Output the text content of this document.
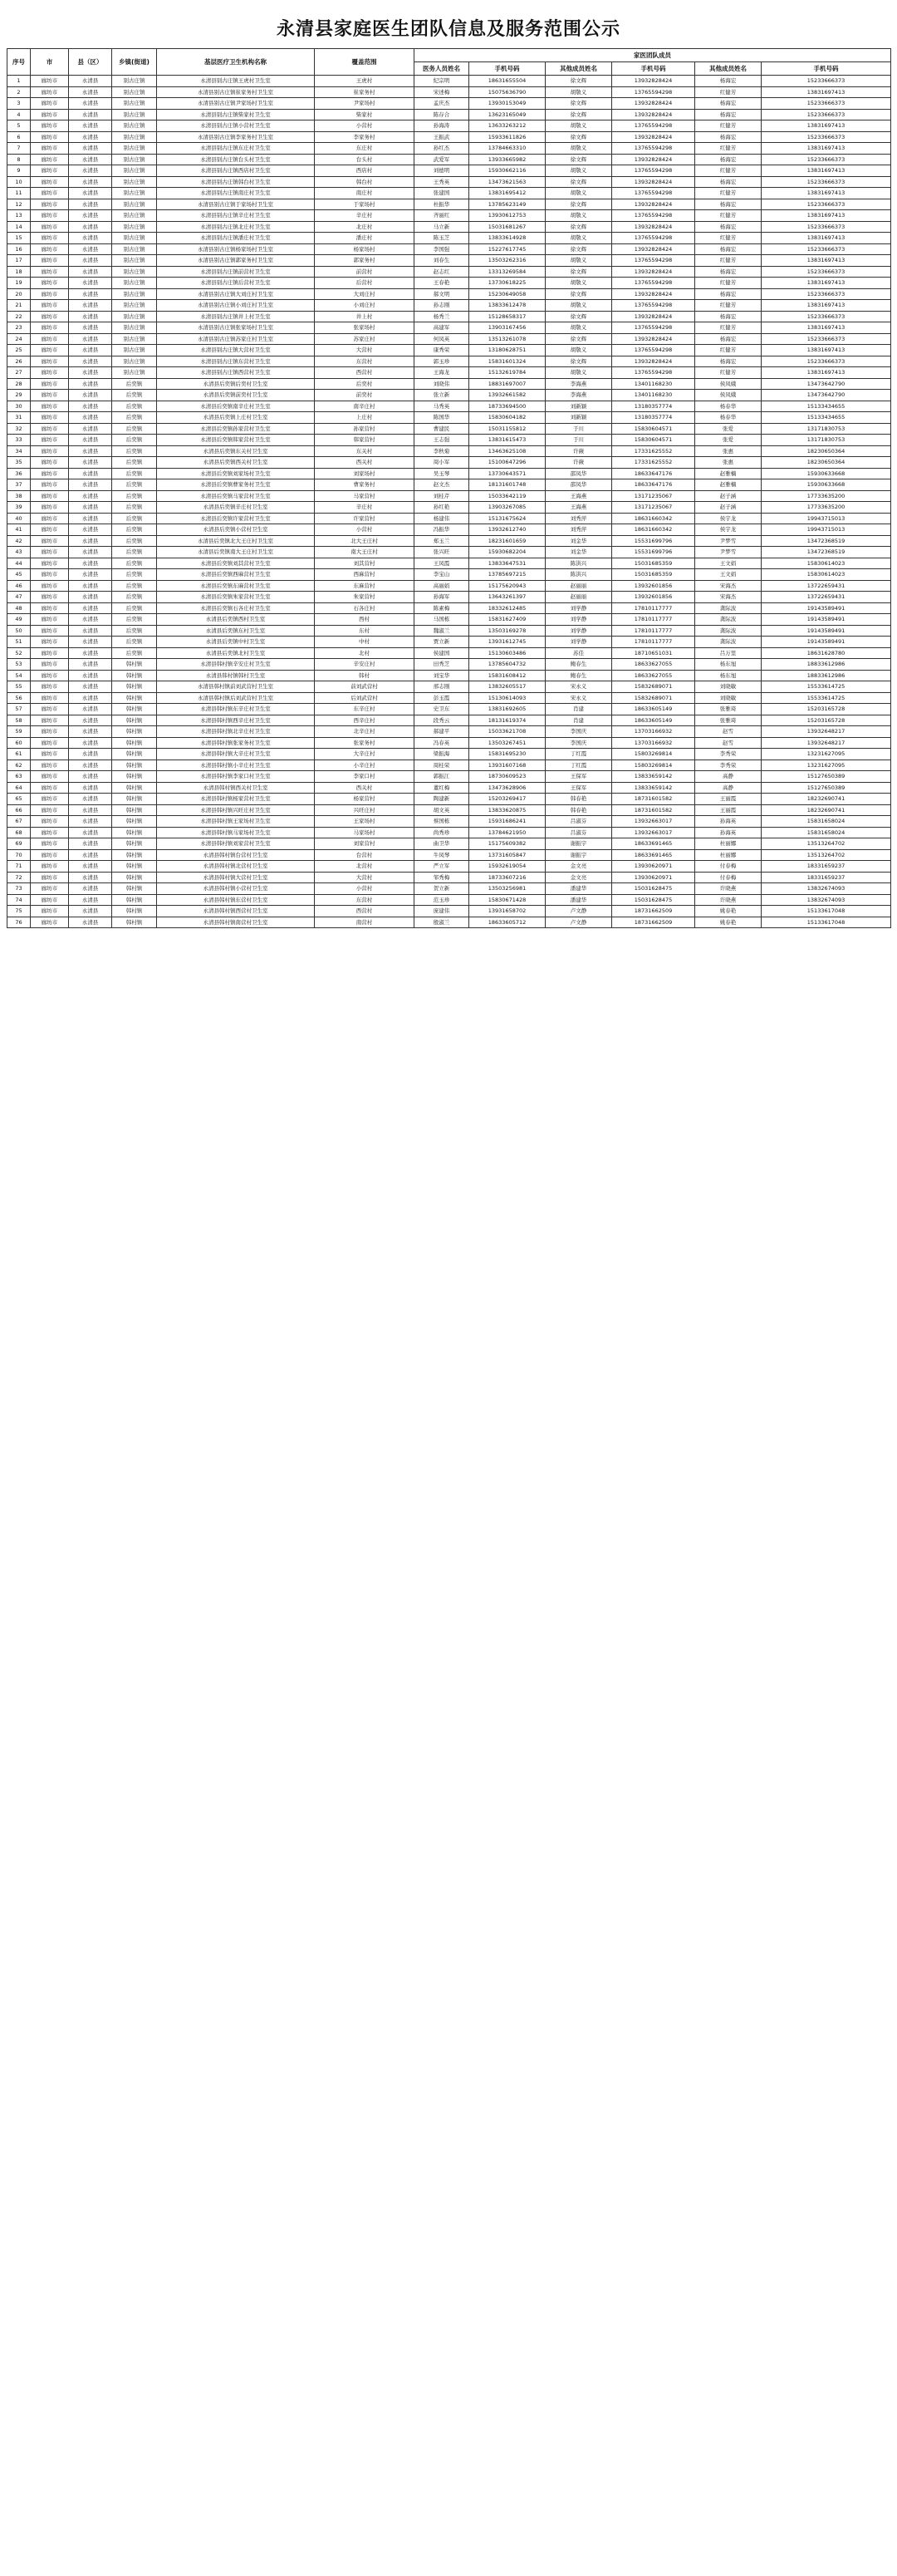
永清县家庭医生团队信息及服务范围公示
序号	市	县（区）	乡镇(街道)	基层医疗卫生机构名称	覆盖范围	家医团队成员					
						医务人员姓名	手机号码	其他成员姓名	手机号码	其他成员姓名	手机号码
1	廊坊市	永清县	别古庄镇	永清县别古庄镇王虎村卫生室	王虎村	纪宗明	18631655504	徐文辉	13932828424	杨海宏	15233666373
2	廊坊市	永清县	别古庄镇	永清县别古庄镇崔家务村卫生室	崔家务村	宋述梅	15075636790	胡敬义	13765594298	红健芳	13831697413
3	廊坊市	永清县	别古庄镇	永清县别古庄镇尹家场村卫生室	尹家场村	孟庆杰	13930153049	徐文辉	13932828424	杨海宏	15233666373
4	廊坊市	永清县	别古庄镇	永清县别古庄镇柴家村卫生室	柴家村	陈存合	13623165049	徐文辉	13932828424	杨海宏	15233666373
5	廊坊市	永清县	别古庄镇	永清县别古庄镇小营村卫生室	小营村	孙海涛	13633263212	胡敬义	13765594298	红健芳	13831697413
6	廊坊市	永清县	别古庄镇	永清县别古庄镇李家务村卫生室	李家务村	王振武	15933611826	徐文辉	13932828424	杨海宏	15233666373
7	廊坊市	永清县	别古庄镇	永清县别古庄镇东庄村卫生室	东庄村	孙红杰	13784663310	胡敬义	13765594298	红健芳	13831697413
8	廊坊市	永清县	别古庄镇	永清县别古庄镇台头村卫生室	台头村	武爱军	13933665982	徐文辉	13932828424	杨海宏	15233666373
9	廊坊市	永清县	别古庄镇	永清县别古庄镇西店村卫生室	西店村	刘德明	15930662116	胡敬义	13765594298	红健芳	13831697413
10	廊坊市	永清县	别古庄镇	永清县别古庄镇韩台村卫生室	韩台村	王秀英	13473621563	徐文辉	13932828424	杨海宏	15233666373
11	廊坊市	永清县	别古庄镇	永清县别古庄镇南庄村卫生室	南庄村	张建国	13831695412	胡敬义	13765594298	红健芳	13831697413
12	廊坊市	永清县	别古庄镇	永清县别古庄镇于家场村卫生室	于家场村	杜振华	13785623149	徐文辉	13932828424	杨海宏	15233666373
13	廊坊市	永清县	别古庄镇	永清县别古庄镇辛庄村卫生室	辛庄村	齐丽红	13930612753	胡敬义	13765594298	红健芳	13831697413
14	廊坊市	永清县	别古庄镇	永清县别古庄镇北庄村卫生室	北庄村	马立新	15031681267	徐文辉	13932828424	杨海宏	15233666373
15	廊坊市	永清县	别古庄镇	永清县别古庄镇潘庄村卫生室	潘庄村	陈玉芝	13833614928	胡敬义	13765594298	红健芳	13831697413
16	廊坊市	永清县	别古庄镇	永清县别古庄镇杨家场村卫生室	杨家场村	李国强	15227617745	徐文辉	13932828424	杨海宏	15233666373
17	廊坊市	永清县	别古庄镇	永清县别古庄镇郭家务村卫生室	郭家务村	刘春生	13503262316	胡敬义	13765594298	红健芳	13831697413
18	廊坊市	永清县	别古庄镇	永清县别古庄镇前营村卫生室	前营村	赵志红	13313269584	徐文辉	13932828424	杨海宏	15233666373
19	廊坊市	永清县	别古庄镇	永清县别古庄镇后营村卫生室	后营村	王春艳	13730618225	胡敬义	13765594298	红健芳	13831697413
20	廊坊市	永清县	别古庄镇	永清县别古庄镇大刘庄村卫生室	大刘庄村	郝文明	15230649058	徐文辉	13932828424	杨海宏	15233666373
21	廊坊市	永清县	别古庄镇	永清县别古庄镇小刘庄村卫生室	小刘庄村	孙志刚	13833612478	胡敬义	13765594298	红健芳	13831697413
22	廊坊市	永清县	别古庄镇	永清县别古庄镇井上村卫生室	井上村	杨秀兰	15128658317	徐文辉	13932828424	杨海宏	15233666373
23	廊坊市	永清县	别古庄镇	永清县别古庄镇张家场村卫生室	张家场村	高建军	13903167456	胡敬义	13765594298	红健芳	13831697413
24	廊坊市	永清县	别古庄镇	永清县别古庄镇苏家庄村卫生室	苏家庄村	何凤英	13513261078	徐文辉	13932828424	杨海宏	15233666373
25	廊坊市	永清县	别古庄镇	永清县别古庄镇大营村卫生室	大营村	康秀荣	13180628751	胡敬义	13765594298	红健芳	13831697413
26	廊坊市	永清县	别古庄镇	永清县别古庄镇东营村卫生室	东营村	郭玉珍	15831601324	徐文辉	13932828424	杨海宏	15233666373
27	廊坊市	永清县	别古庄镇	永清县别古庄镇西营村卫生室	西营村	王海龙	15132619784	胡敬义	13765594298	红健芳	13831697413
28	廊坊市	永清县	后奕镇	永清县后奕镇后奕村卫生室	后奕村	刘晓伟	18831697007	李海燕	13401168230	侯凤娥	13473642790
29	廊坊市	永清县	后奕镇	永清县后奕镇前奕村卫生室	前奕村	张立新	13932661582	李海燕	13401168230	侯凤娥	13473642790
30	廊坊市	永清县	后奕镇	永清县后奕镇南辛庄村卫生室	南辛庄村	马秀英	18733694500	刘新颖	13180357774	杨春华	15133434655
31	廊坊市	永清县	后奕镇	永清县后奕镇上庄村卫生室	上庄村	陈国华	15830604182	刘新颖	13180357774	杨春华	15133434655
32	廊坊市	永清县	后奕镇	永清县后奕镇孙家营村卫生室	孙家营村	曹建民	15031155812	于川	15830604571	张爱	13171830753
33	廊坊市	永清县	后奕镇	永清县后奕镇韩家营村卫生室	韩家营村	王志强	13831615473	于川	15830604571	张爱	13171830753
34	廊坊市	永清县	后奕镇	永清县后奕镇东关村卫生室	东关村	李秋菊	13463625108	许薇	17331625552	张惠	18230650364
35	廊坊市	永清县	后奕镇	永清县后奕镇西关村卫生室	西关村	周小军	15100647296	许薇	17331625552	张惠	18230650364
36	廊坊市	永清县	后奕镇	永清县后奕镇刘家场村卫生室	刘家场村	吴玉琴	13730643571	邵凤华	18633647176	赵雅楠	15930633668
37	廊坊市	永清县	后奕镇	永清县后奕镇曹家务村卫生室	曹家务村	赵文杰	18131601748	邵凤华	18633647176	赵雅楠	15930633668
38	廊坊市	永清县	后奕镇	永清县后奕镇马家营村卫生室	马家营村	刘桂芹	15033642119	王海燕	13171235067	赵子涵	17733635200
39	廊坊市	永清县	后奕镇	永清县后奕镇辛庄村卫生室	辛庄村	孙红艳	13903267085	王海燕	13171235067	赵子涵	17733635200
40	廊坊市	永清县	后奕镇	永清县后奕镇许家营村卫生室	许家营村	杨建伟	15131675624	刘秀萍	18631660342	侯宇龙	19943715013
41	廊坊市	永清县	后奕镇	永清县后奕镇小营村卫生室	小营村	冯振华	13932612740	刘秀萍	18631660342	侯宇龙	19943715013
42	廊坊市	永清县	后奕镇	永清县后奕镇北大王庄村卫生室	北大王庄村	郑玉兰	18231601659	刘金华	15531699796	尹梦雪	13472368519
43	廊坊市	永清县	后奕镇	永清县后奕镇南大王庄村卫生室	南大王庄村	张兴旺	15930682204	刘金华	15531699796	尹梦雪	13472368519
44	廊坊市	永清县	后奕镇	永清县后奕镇刘其营村卫生室	刘其营村	王凤霞	13833647531	陈洪兴	15031685359	王文娟	15830614023
45	廊坊市	永清县	后奕镇	永清县后奕镇西麻营村卫生室	西麻营村	李宝山	13785697215	陈洪兴	15031685359	王文娟	15830614023
46	廊坊市	永清县	后奕镇	永清县后奕镇东麻营村卫生室	东麻营村	高丽娟	15175620943	赵丽丽	13932601856	宋海杰	13722659431
47	廊坊市	永清县	后奕镇	永清县后奕镇朱家营村卫生室	朱家营村	孙海军	13643261397	赵丽丽	13932601856	宋海杰	13722659431
48	廊坊市	永清县	后奕镇	永清县后奕镇石各庄村卫生室	石各庄村	陈素梅	18332612485	刘学静	17810117777	龚际波	19143589491
49	廊坊市	永清县	后奕镇	永清县后奕镇西村卫生室	西村	马国栋	15831627409	刘学静	17810117777	龚际波	19143589491
50	廊坊市	永清县	后奕镇	永清县后奕镇东村卫生室	东村	魏淑兰	13503169278	刘学静	17810117777	龚际波	19143589491
51	廊坊市	永清县	后奕镇	永清县后奕镇中村卫生室	中村	贾立新	13931612745	刘学静	17810117777	龚际波	19143589491
52	廊坊市	永清县	后奕镇	永清县后奕镇北村卫生室	北村	侯建国	15130603486	苏佳	18710651031	吕万里	18631628780
53	廊坊市	永清县	韩村镇	永清县韩村镇辛安庄村卫生室	辛安庄村	田秀芝	13785604732	鲍春生	18633627055	杨东旭	18833612986
54	廊坊市	永清县	韩村镇	永清县韩村镇韩村卫生室	韩村	刘宝华	15831608412	鲍春生	18633627055	杨东旭	18833612986
55	廊坊市	永清县	韩村镇	永清县韩村镇前刘武营村卫生室	前刘武营村	邢志刚	13832605517	宋永义	15832689071	刘晓敏	15533614725
56	廊坊市	永清县	韩村镇	永清县韩村镇后刘武营村卫生室	后刘武营村	彭玉霞	15130614093	宋永义	15832689071	刘晓敏	15533614725
57	廊坊市	永清县	韩村镇	永清县韩村镇东辛庄村卫生室	东辛庄村	史卫东	13831692605	肖建	18633605149	张雅琦	15203165728
58	廊坊市	永清县	韩村镇	永清县韩村镇西辛庄村卫生室	西辛庄村	段秀云	18131619374	肖建	18633605149	张雅琦	15203165728
59	廊坊市	永清县	韩村镇	永清县韩村镇北辛庄村卫生室	北辛庄村	郝建平	15033621708	李国庆	13703166932	赵雪	13932648217
60	廊坊市	永清县	韩村镇	永清县韩村镇张家务村卫生室	张家务村	冯春英	13503267451	李国庆	13703166932	赵雪	13932648217
61	廊坊市	永清县	韩村镇	永清县韩村镇大辛庄村卫生室	大辛庄村	梁振海	15831695230	丁红霞	15803269814	李秀荣	13231627095
62	廊坊市	永清县	韩村镇	永清县韩村镇小辛庄村卫生室	小辛庄村	周桂荣	13931607168	丁红霞	15803269814	李秀荣	13231627095
63	廊坊市	永清县	韩村镇	永清县韩村镇李家口村卫生室	李家口村	郭振江	18730609523	王保军	13833659142	高静	15127650389
64	廊坊市	永清县	韩村镇	永清县韩村镇西关村卫生室	西关村	董红梅	13473628906	王保军	13833659142	高静	15127650389
65	廊坊市	永清县	韩村镇	永清县韩村镇杨家营村卫生室	杨家营村	陶建新	15203269417	韩春艳	18731601582	王丽霞	18232690741
66	廊坊市	永清县	韩村镇	永清县韩村镇兴旺庄村卫生室	兴旺庄村	胡文英	13833620875	韩春艳	18731601582	王丽霞	18232690741
67	廊坊市	永清县	韩村镇	永清县韩村镇王家场村卫生室	王家场村	蔡国栋	15931686241	吕淑芬	13932663017	孙海英	15831658024
68	廊坊市	永清县	韩村镇	永清县韩村镇马家场村卫生室	马家场村	尚秀珍	13784621950	吕淑芬	13932663017	孙海英	15831658024
69	廊坊市	永清县	韩村镇	永清县韩村镇刘家营村卫生室	刘家营村	曲卫华	15175609382	谢振宇	18633691465	杜丽娜	13513264702
70	廊坊市	永清县	韩村镇	永清县韩村镇台营村卫生室	台营村	牛凤琴	13731605847	谢振宇	18633691465	杜丽娜	13513264702
71	廊坊市	永清县	韩村镇	永清县韩村镇北营村卫生室	北营村	严立军	15932619054	金文亮	13930620971	付春梅	18331659237
72	廊坊市	永清县	韩村镇	永清县韩村镇大营村卫生室	大营村	邹秀梅	18733607216	金文亮	13930620971	付春梅	18331659237
73	廊坊市	永清县	韩村镇	永清县韩村镇小营村卫生室	小营村	贺立新	13503256981	潘建华	15031628475	许晓燕	13832674093
74	廊坊市	永清县	韩村镇	永清县韩村镇东营村卫生室	东营村	范玉珍	15830671428	潘建华	15031628475	许晓燕	13832674093
75	廊坊市	永清县	韩村镇	永清县韩村镇西营村卫生室	西营村	庞建伟	13931658702	卢文静	18731662509	姚春艳	15133617048
76	廊坊市	永清县	韩村镇	永清县韩村镇南营村卫生室	南营村	殷淑兰	18633605712	卢文静	18731662509	姚春艳	15133617048
